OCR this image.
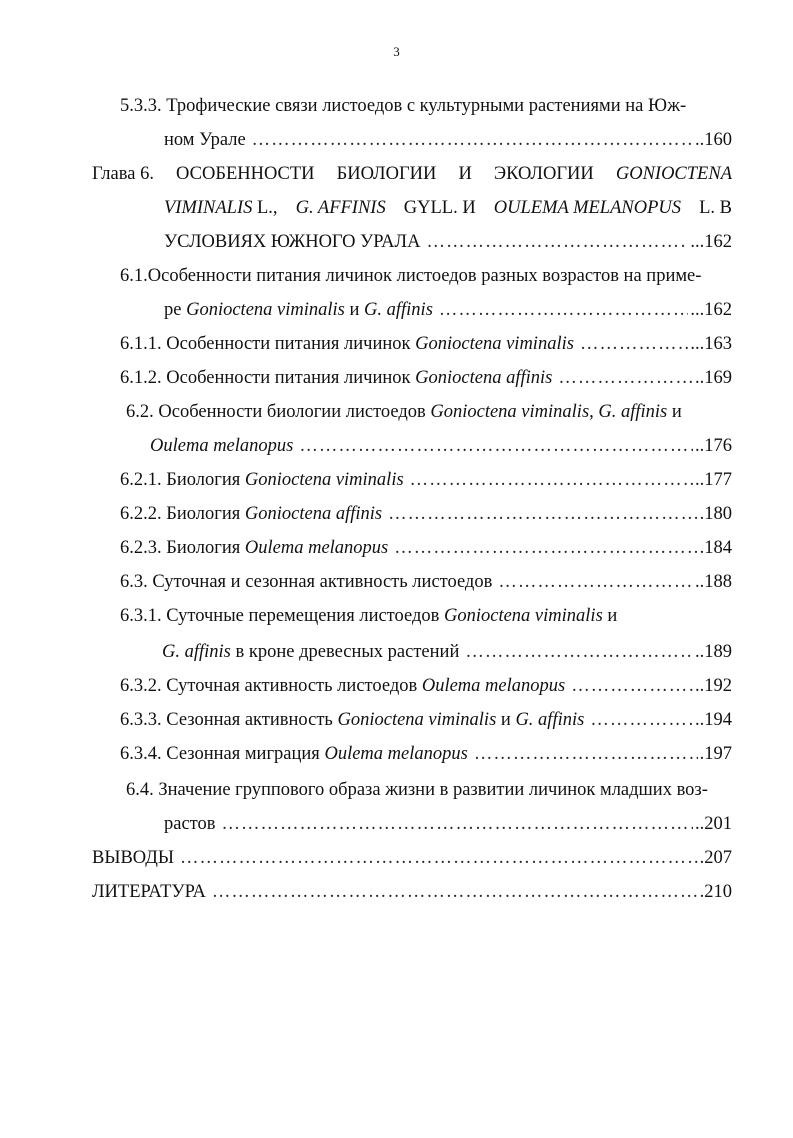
3
5.3.3. Трофические связи листоедов с культурными растениями на Юж-
ном Урале ……………………………………………………………………………………………………………………………………………………………………………	..160
Глава 6. ОСОБЕННОСТИ БИОЛОГИИ И ЭКОЛОГИИ GONIOCTENA
VIMINALIS L., G. AFFINIS GYLL. И OULEMA MELANOPUS L. В
УСЛОВИЯХ ЮЖНОГО УРАЛА ……………………………………………………………………………………………………………………………………………………………………………	...162
6.1.Особенности питания личинок листоедов разных возрастов на приме-
ре Gonioctena viminalis и G. affinis ……………………………………………………………………………………………………………………………………………………………………………	...162
6.1.1. Особенности питания личинок Gonioctena viminalis ……………………………………………………………………………………………………………………………………………………………………………	...163
6.1.2. Особенности питания личинок Gonioctena affinis ……………………………………………………………………………………………………………………………………………………………………………	..169
6.2. Особенности биологии листоедов Gonioctena viminalis, G. affinis и
Oulema melanopus ……………………………………………………………………………………………………………………………………………………………………………	..176
6.2.1. Биология Gonioctena viminalis ……………………………………………………………………………………………………………………………………………………………………………	..177
6.2.2. Биология Gonioctena affinis ……………………………………………………………………………………………………………………………………………………………………………	.180
6.2.3. Биология Oulema melanopus ……………………………………………………………………………………………………………………………………………………………………………	.184
6.3. Суточная и сезонная активность листоедов ……………………………………………………………………………………………………………………………………………………………………………	..188
6.3.1. Суточные перемещения листоедов Gonioctena viminalis и
G. affinis в кроне древесных растений ……………………………………………………………………………………………………………………………………………………………………………	..189
6.3.2. Суточная активность листоедов Oulema melanopus ……………………………………………………………………………………………………………………………………………………………………………	..192
6.3.3. Сезонная активность Gonioctena viminalis и G. affinis ……………………………………………………………………………………………………………………………………………………………………………	..194
6.3.4. Сезонная миграция Oulema melanopus ……………………………………………………………………………………………………………………………………………………………………………	.197
6.4. Значение группового образа жизни в развитии личинок младших воз-
растов ……………………………………………………………………………………………………………………………………………………………………………	..201
ВЫВОДЫ ……………………………………………………………………………………………………………………………………………………………………………	.207
ЛИТЕРАТУРА ……………………………………………………………………………………………………………………………………………………………………………	.210
